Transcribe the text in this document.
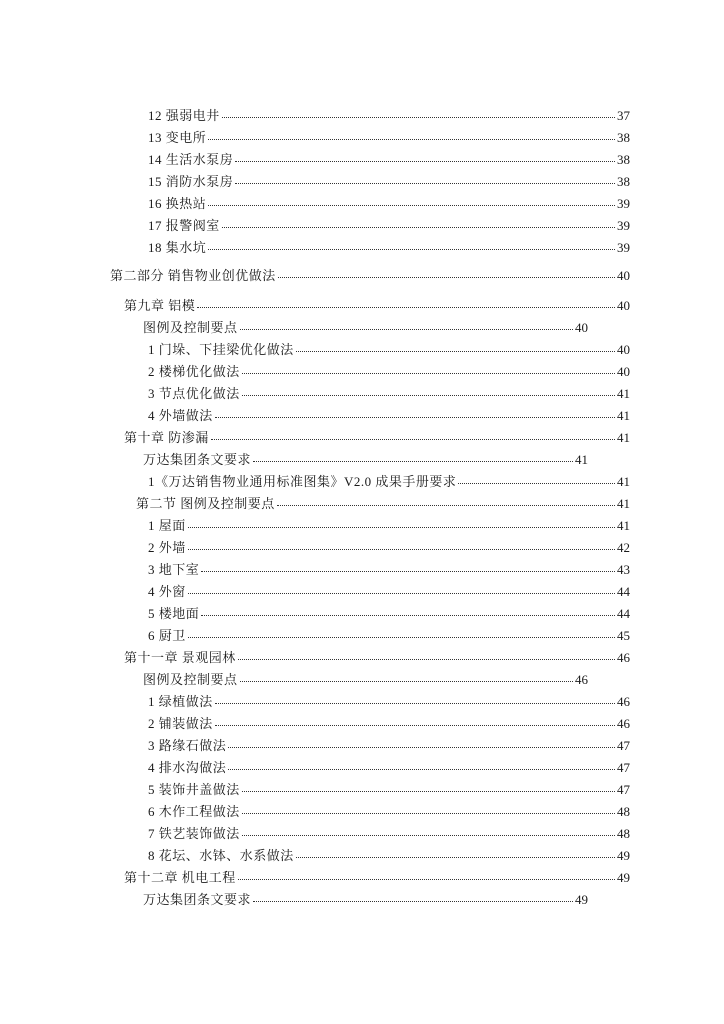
12 强弱电井	37
13 变电所	38
14 生活水泵房	38
15 消防水泵房	38
16 换热站	39
17 报警阀室	39
18 集水坑	39
第二部分 销售物业创优做法	40
第九章 铝模	40
图例及控制要点	40
1 门垛、下挂梁优化做法	40
2 楼梯优化做法	40
3 节点优化做法	41
4 外墙做法	41
第十章 防渗漏	41
万达集团条文要求	41
1《万达销售物业通用标准图集》V2.0 成果手册要求	41
第二节 图例及控制要点	41
1 屋面	41
2 外墙	42
3 地下室	43
4 外窗	44
5 楼地面	44
6 厨卫	45
第十一章 景观园林	46
图例及控制要点	46
1 绿植做法	46
2 铺装做法	46
3 路缘石做法	47
4 排水沟做法	47
5 装饰井盖做法	47
6 木作工程做法	48
7 铁艺装饰做法	48
8 花坛、水钵、水系做法	49
第十二章 机电工程	49
万达集团条文要求	49
